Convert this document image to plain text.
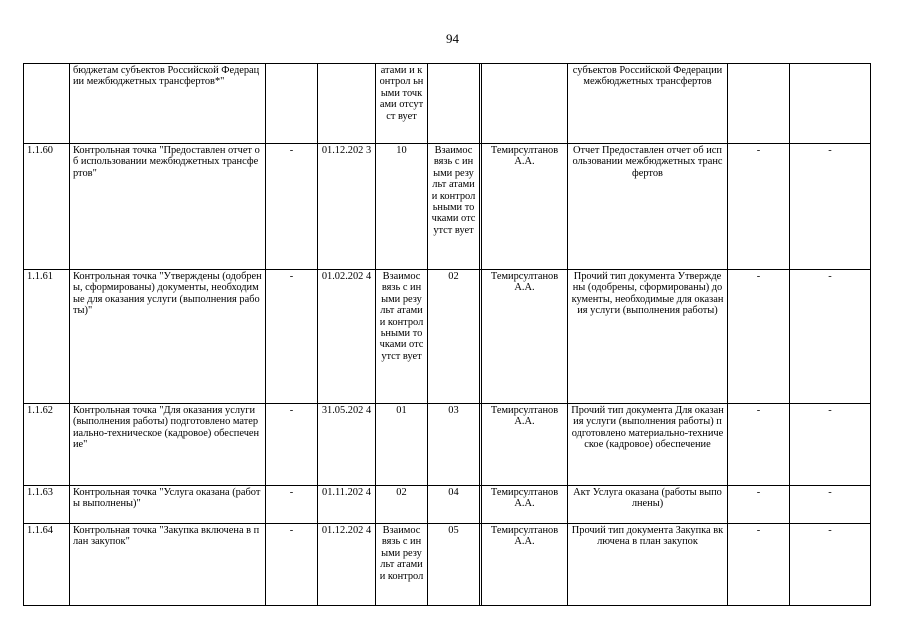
94
	бюджетам субъектов Российской Федерации межбюджетных трансфертов*"			атами и контрол ьными точками отсутст вует				субъектов Российской Федерации межбюджетных трансфертов		
1.1.60	Контрольная точка "Предоставлен отчет об использовании межбюджетных трансфертов"	-	01.12.202 3	10	Взаимос вязь с иными результ атами и контрол ьными точками отсутст вует		Темирсултанов А.А.	Отчет Предоставлен отчет об использовании межбюджетных трансфертов	-	-
1.1.61	Контрольная точка "Утверждены (одобрены, сформированы) документы, необходимые для оказания услуги (выполнения работы)"	-	01.02.202 4	Взаимос вязь с иными результ атами и контрол ьными точками отсутст вует	02		Темирсултанов А.А.	Прочий тип документа Утверждены (одобрены, сформированы) документы, необходимые для оказания услуги (выполнения работы)	-	-
1.1.62	Контрольная точка "Для оказания услуги (выполнения работы) подготовлено материально-техническое (кадровое) обеспечение"	-	31.05.202 4	01	03		Темирсултанов А.А.	Прочий тип документа Для оказания услуги (выполнения работы) подготовлено материально-техническое (кадровое) обеспечение	-	-
1.1.63	Контрольная точка "Услуга оказана (работы выполнены)"	-	01.11.202 4	02	04		Темирсултанов А.А.	Акт Услуга оказана (работы выполнены)	-	-
1.1.64	Контрольная точка "Закупка включена в план закупок"	-	01.12.202 4	Взаимос вязь с иными результ атами и контрол	05		Темирсултанов А.А.	Прочий тип документа Закупка включена в план закупок	-	-
